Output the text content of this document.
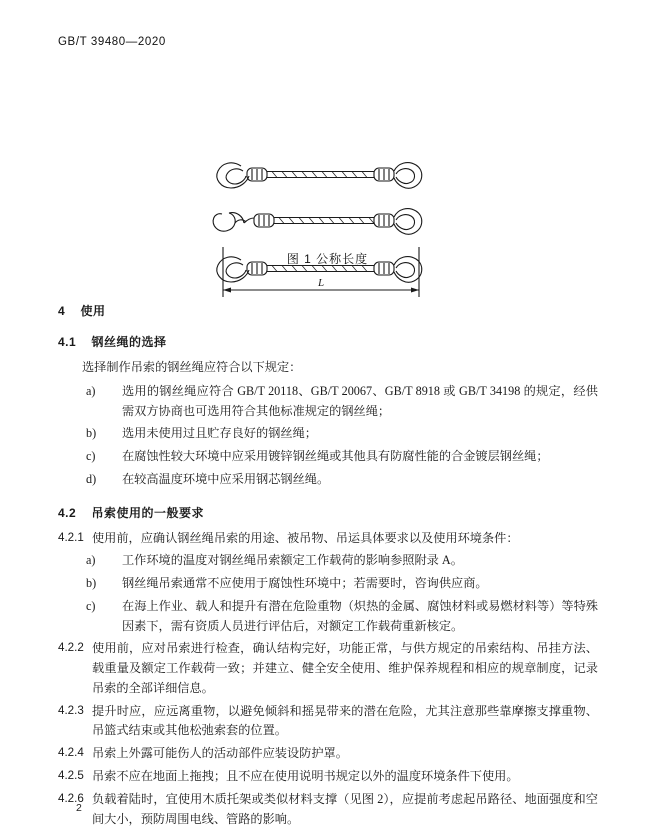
GB/T 39480—2020
L
图 1 公称长度
4 使用
4.1 钢丝绳的选择
选择制作吊索的钢丝绳应符合以下规定：
a) 选用的钢丝绳应符合 GB/T 20118、GB/T 20067、GB/T 8918 或 GB/T 34198 的规定，经供需双方协商也可选用符合其他标准规定的钢丝绳；
b) 选用未使用过且贮存良好的钢丝绳；
c) 在腐蚀性较大环境中应采用镀锌钢丝绳或其他具有防腐性能的合金镀层钢丝绳；
d) 在较高温度环境中应采用钢芯钢丝绳。
4.2 吊索使用的一般要求
4.2.1 使用前，应确认钢丝绳吊索的用途、被吊物、吊运具体要求以及使用环境条件：
a) 工作环境的温度对钢丝绳吊索额定工作载荷的影响参照附录 A。
b) 钢丝绳吊索通常不应使用于腐蚀性环境中；若需要时，咨询供应商。
c) 在海上作业、载人和提升有潜在危险重物（炽热的金属、腐蚀材料或易燃材料等）等特殊因素下，需有资质人员进行评估后，对额定工作载荷重新核定。
4.2.2 使用前，应对吊索进行检查，确认结构完好，功能正常，与供方规定的吊索结构、吊挂方法、载重量及额定工作载荷一致；并建立、健全安全使用、维护保养规程和相应的规章制度，记录吊索的全部详细信息。
4.2.3 提升时应，应远离重物，以避免倾斜和摇晃带来的潜在危险，尤其注意那些靠摩擦支撑重物、吊篮式结束或其他松弛索套的位置。
4.2.4 吊索上外露可能伤人的活动部件应装设防护罩。
4.2.5 吊索不应在地面上拖拽；且不应在使用说明书规定以外的温度环境条件下使用。
4.2.6 负载着陆时，宜使用木质托架或类似材料支撑（见图 2），应提前考虑起吊路径、地面强度和空间大小，预防周围电线、管路的影响。
2
